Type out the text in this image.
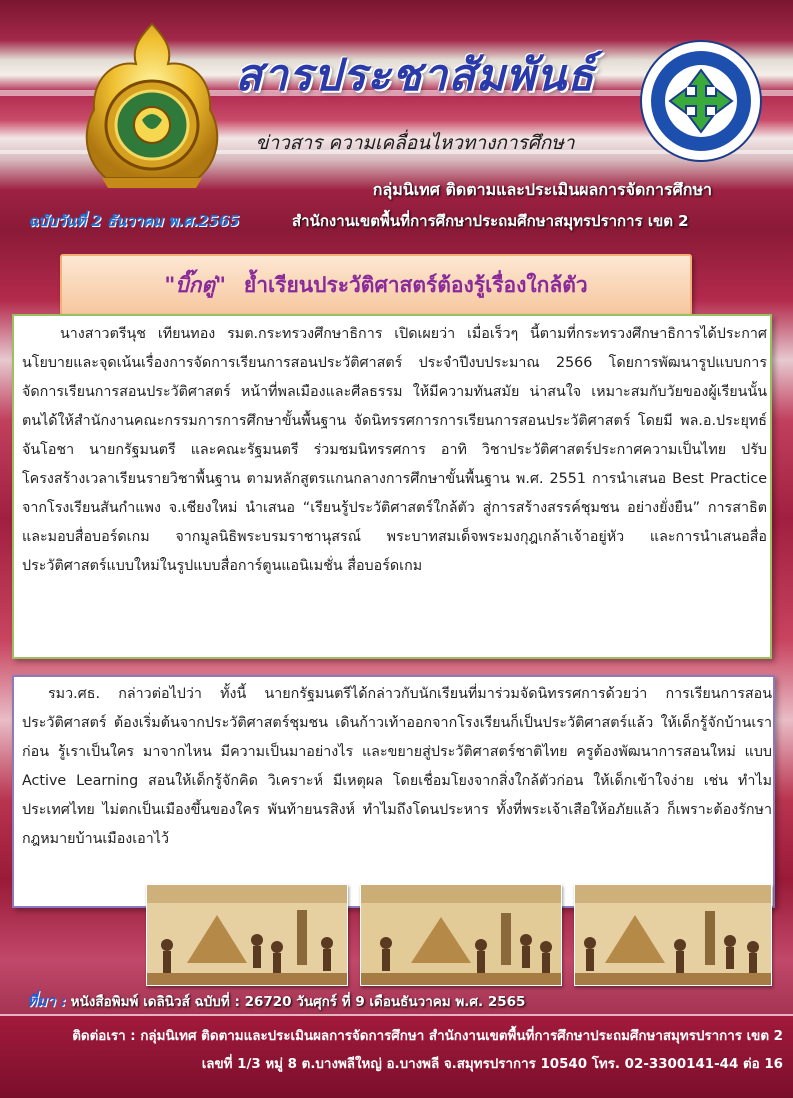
สารประชาสัมพันธ์
ข่าวสาร ความเคลื่อนไหวทางการศึกษา
กลุ่มนิเทศ ติดตามและประเมินผลการจัดการศึกษา
ฉบับวันที่ 2 ธันวาคม พ.ศ.2565	สำนักงานเขตพื้นที่การศึกษาประถมศึกษาสมุทรปราการ เขต 2
"บิ๊กตู่" ย้ำเรียนประวัติศาสตร์ต้องรู้เรื่องใกล้ตัว
นางสาวตรีนุช เทียนทอง รมต.กระทรวงศึกษาธิการ เปิดเผยว่า เมื่อเร็วๆ นี้ตามที่กระทรวงศึกษาธิการได้ประกาศนโยบายและจุดเน้นเรื่องการจัดการเรียนการสอนประวัติศาสตร์ ประจำปีงบประมาณ 2566 โดยการพัฒนารูปแบบการจัดการเรียนการสอนประวัติศาสตร์ หน้าที่พลเมืองและศีลธรรม ให้มีความทันสมัย น่าสนใจ เหมาะสมกับวัยของผู้เรียนนั้น ตนได้ให้สำนักงานคณะกรรมการการศึกษาขั้นพื้นฐาน จัดนิทรรศการการเรียนการสอนประวัติศาสตร์ โดยมี พล.อ.ประยุทธ์ จันโอชา นายกรัฐมนตรี และคณะรัฐมนตรี ร่วมชมนิทรรศการ อาทิ วิชาประวัติศาสตร์ประกาศความเป็นไทย ปรับโครงสร้างเวลาเรียนรายวิชาพื้นฐาน ตามหลักสูตรแกนกลางการศึกษาขั้นพื้นฐาน พ.ศ. 2551 การนำเสนอ Best Practice จากโรงเรียนสันกำแพง จ.เชียงใหม่ นำเสนอ “เรียนรู้ประวัติศาสตร์ใกล้ตัว สู่การสร้างสรรค์ชุมชน อย่างยั่งยืน” การสาธิตและมอบสื่อบอร์ดเกม จากมูลนิธิพระบรมราชานุสรณ์ พระบาทสมเด็จพระมงกุฎเกล้าเจ้าอยู่หัว และการนำเสนอสื่อประวัติศาสตร์แบบใหม่ในรูปแบบสื่อการ์ตูนแอนิเมชั่น สื่อบอร์ดเกม
รมว.ศธ. กล่าวต่อไปว่า ทั้งนี้ นายกรัฐมนตรีได้กล่าวกับนักเรียนที่มาร่วมจัดนิทรรศการด้วยว่า การเรียนการสอนประวัติศาสตร์ ต้องเริ่มต้นจากประวัติศาสตร์ชุมชน เดินก้าวเท้าออกจากโรงเรียนก็เป็นประวัติศาสตร์แล้ว ให้เด็กรู้จักบ้านเราก่อน รู้เราเป็นใคร มาจากไหน มีความเป็นมาอย่างไร และขยายสู่ประวัติศาสตร์ชาติไทย ครูต้องพัฒนาการสอนใหม่ แบบ Active Learning สอนให้เด็กรู้จักคิด วิเคราะห์ มีเหตุผล โดยเชื่อมโยงจากสิ่งใกล้ตัวก่อน ให้เด็กเข้าใจง่าย เช่น ทำไมประเทศไทย ไม่ตกเป็นเมืองขึ้นของใคร พันท้ายนรสิงห์ ทำไมถึงโดนประหาร ทั้งที่พระเจ้าเสือให้อภัยแล้ว ก็เพราะต้องรักษากฎหมายบ้านเมืองเอาไว้
ที่มา : หนังสือพิมพ์ เดลินิวส์ ฉบับที่ : 26720 วันศุกร์ ที่ 9 เดือนธันวาคม พ.ศ. 2565
ติดต่อเรา : กลุ่มนิเทศ ติดตามและประเมินผลการจัดการศึกษา สำนักงานเขตพื้นที่การศึกษาประถมศึกษาสมุทรปราการ เขต 2
เลขที่ 1/3 หมู่ 8 ต.บางพลีใหญ่ อ.บางพลี จ.สมุทรปราการ 10540 โทร. 02-3300141-44 ต่อ 16
